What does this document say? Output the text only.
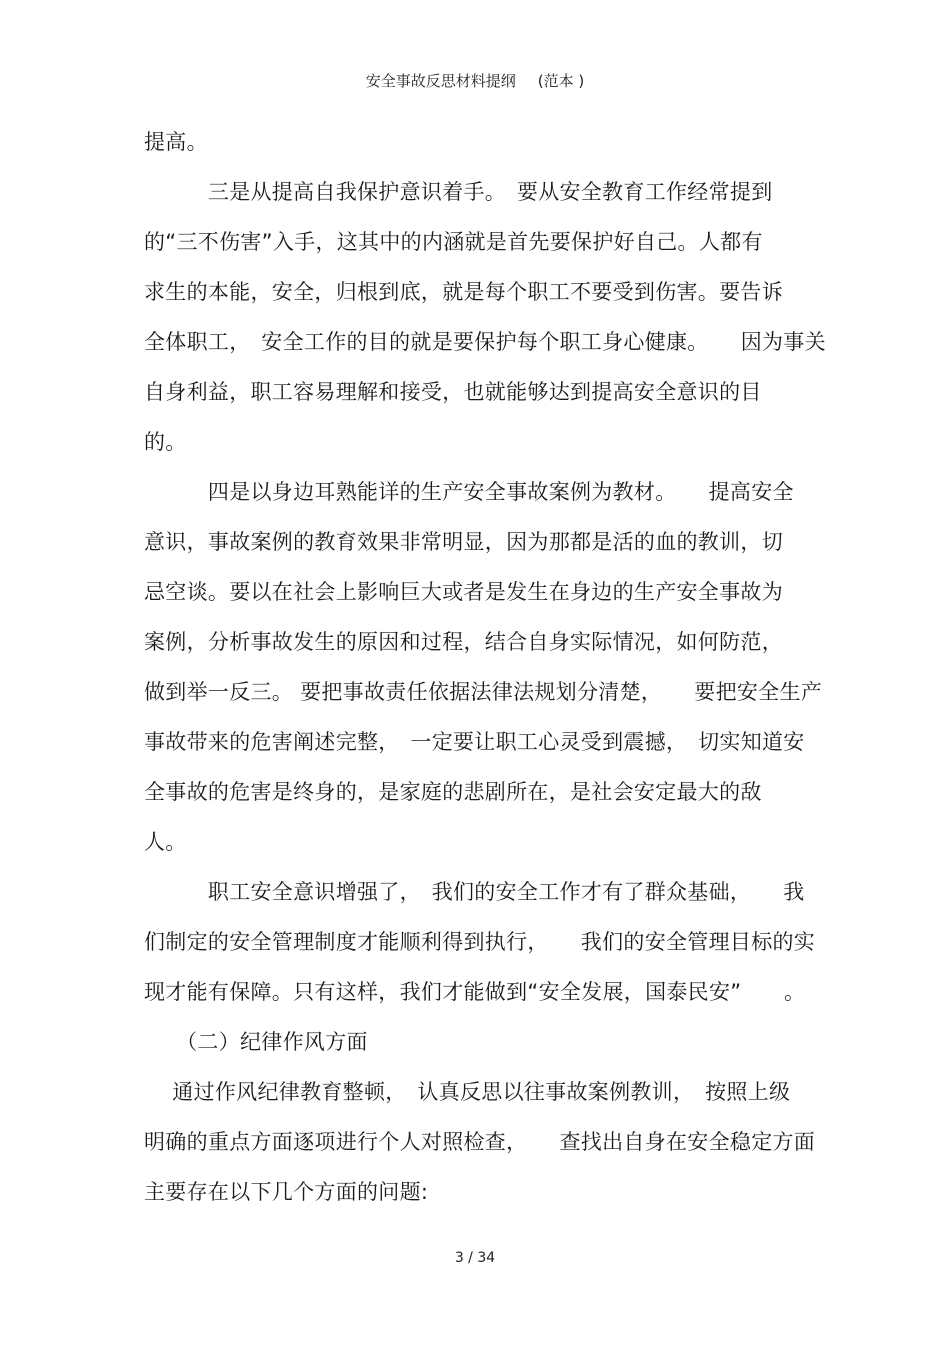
安全事故反思材料提纲 (范本 )
提高。
　　　三是从提高自我保护意识着手。　要从安全教育工作经常提到
的“三不伤害”入手，这其中的内涵就是首先要保护好自己。人都有
求生的本能，安全，归根到底，就是每个职工不要受到伤害。要告诉
全体职工，　安全工作的目的就是要保护每个职工身心健康。　　因为事关
自身利益，职工容易理解和接受，也就能够达到提高安全意识的目
的。
　　　四是以身边耳熟能详的生产安全事故案例为教材。　　提高安全
意识，事故案例的教育效果非常明显，因为那都是活的血的教训，切
忌空谈。要以在社会上影响巨大或者是发生在身边的生产安全事故为
案例，分析事故发生的原因和过程，结合自身实际情况，如何防范，
做到举一反三。 要把事故责任依据法律法规划分清楚，　　要把安全生产
事故带来的危害阐述完整，　一定要让职工心灵受到震撼，　切实知道安
全事故的危害是终身的，是家庭的悲剧所在，是社会安定最大的敌
人。
　　　职工安全意识增强了，　我们的安全工作才有了群众基础，　　我
们制定的安全管理制度才能顺利得到执行，　　我们的安全管理目标的实
现才能有保障。只有这样，我们才能做到“安全发展，国泰民安”　　。
　　（二）纪律作风方面
　 通过作风纪律教育整顿，　认真反思以往事故案例教训，　按照上级
明确的重点方面逐项进行个人对照检查，　　查找出自身在安全稳定方面
主要存在以下几个方面的问题:
3 / 34
